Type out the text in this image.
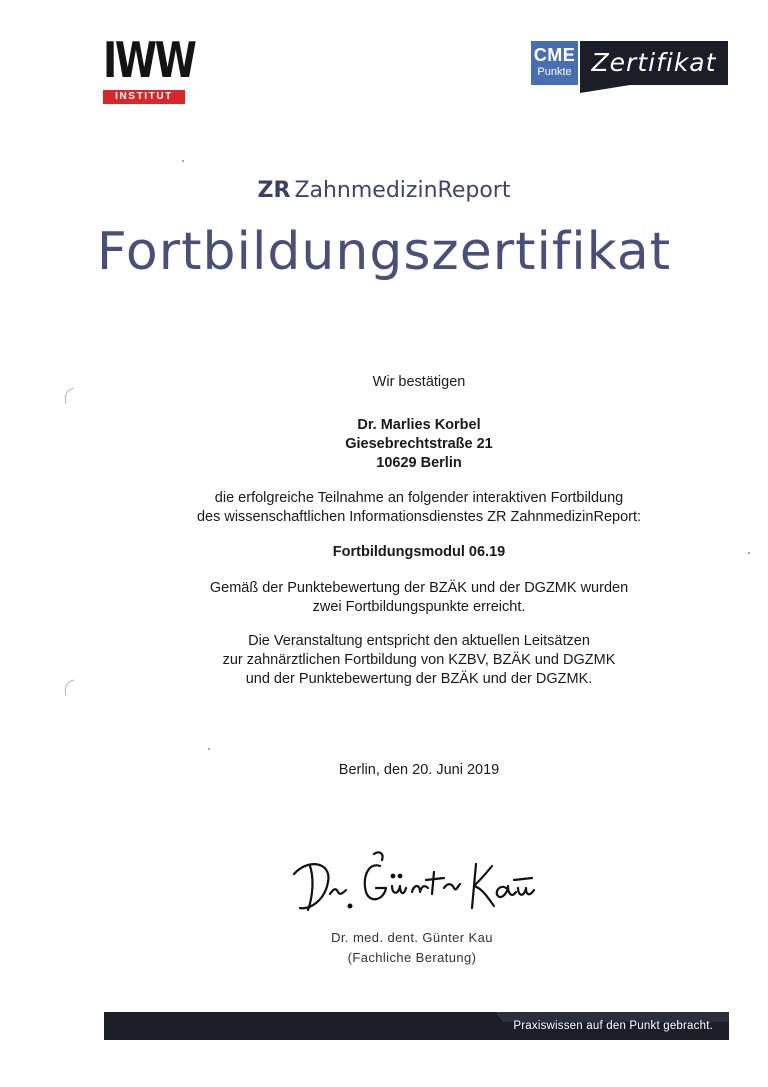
IWW
INSTITUT
CME
Punkte Zertifikat
ZR ZahnmedizinReport
Fortbildungszertifikat
Wir bestätigen
Dr. Marlies Korbel
Giesebrechtstraße 21
10629 Berlin
die erfolgreiche Teilnahme an folgender interaktiven Fortbildung
des wissenschaftlichen Informationsdienstes ZR ZahnmedizinReport:
Fortbildungsmodul 06.19
Gemäß der Punktebewertung der BZÄK und der DGZMK wurden
zwei Fortbildungspunkte erreicht.
Die Veranstaltung entspricht den aktuellen Leitsätzen
zur zahnärztlichen Fortbildung von KZBV, BZÄK und DGZMK
und der Punktebewertung der BZÄK und der DGZMK.
Berlin, den 20. Juni 2019
Dr. med. dent. Günter Kau
(Fachliche Beratung)
Praxiswissen auf den Punkt gebracht.
